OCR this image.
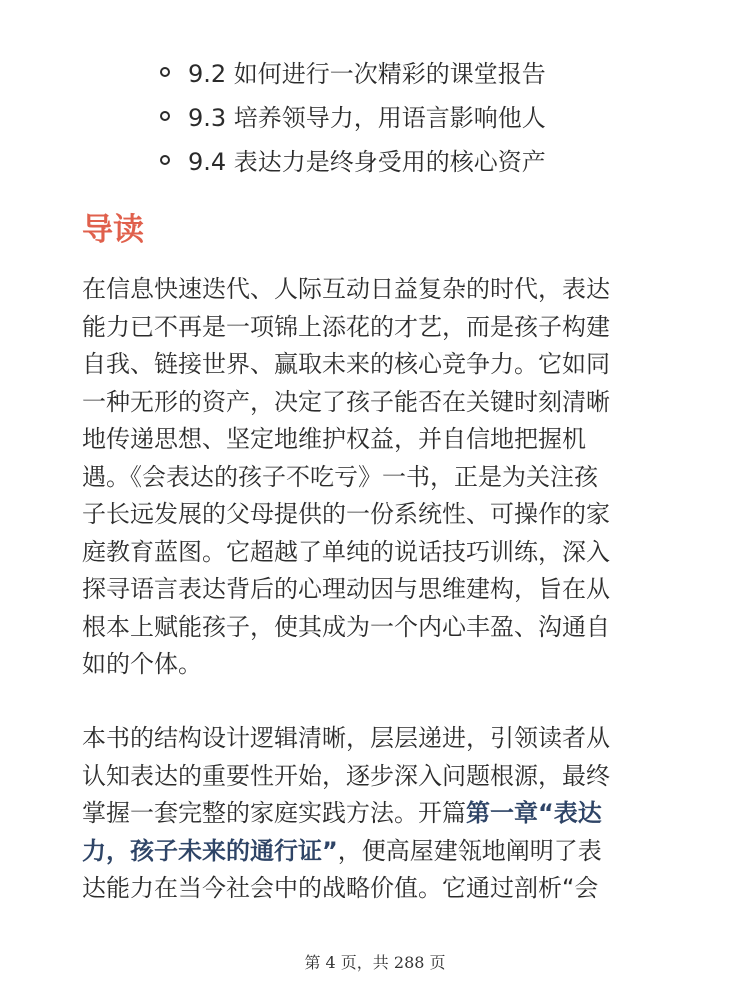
9.2 如何进行一次精彩的课堂报告
9.3 培养领导力，用语言影响他人
9.4 表达力是终身受用的核心资产
导读
在信息快速迭代、人际互动日益复杂的时代，表达
能力已不再是一项锦上添花的才艺，而是孩子构建
自我、链接世界、赢取未来的核心竞争力。它如同
一种无形的资产，决定了孩子能否在关键时刻清晰
地传递思想、坚定地维护权益，并自信地把握机
遇。《会表达的孩子不吃亏》一书，正是为关注孩
子长远发展的父母提供的一份系统性、可操作的家
庭教育蓝图。它超越了单纯的说话技巧训练，深入
探寻语言表达背后的心理动因与思维建构，旨在从
根本上赋能孩子，使其成为一个内心丰盈、沟通自
如的个体。
本书的结构设计逻辑清晰，层层递进，引领读者从
认知表达的重要性开始，逐步深入问题根源，最终
掌握一套完整的家庭实践方法。开篇第一章“表达
力，孩子未来的通行证”，便高屋建瓴地阐明了表
达能力在当今社会中的战略价值。它通过剖析“会
第 4 页，共 288 页
